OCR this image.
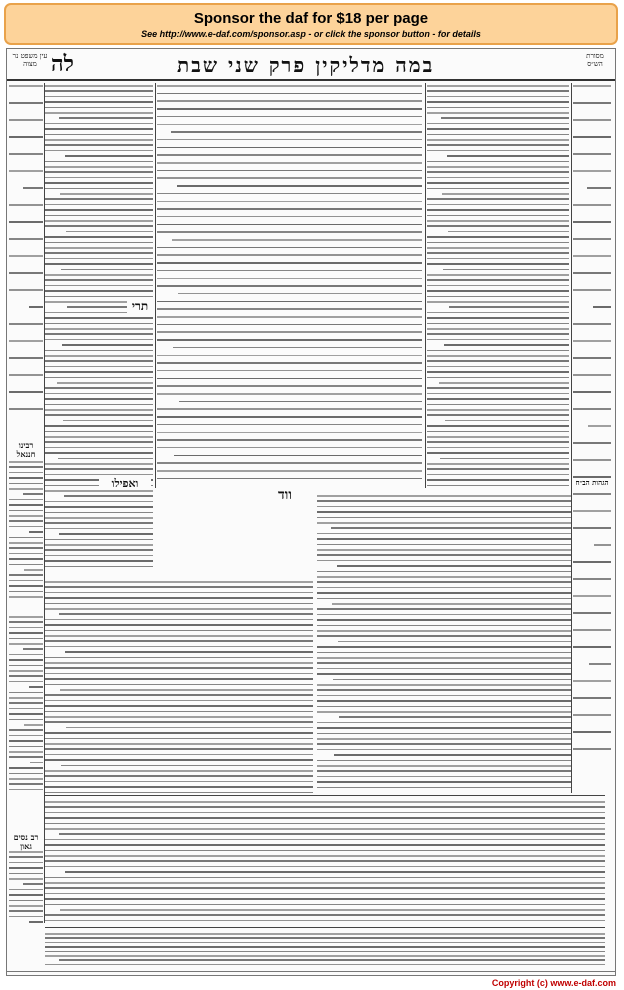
Sponsor the daf for $18 per page
See http://www.e-daf.com/sponsor.asp - or click the sponsor button - for details
במה מדליקין פרק שני שבת
לה
עין משפט נר מצוה
מסורת הש״ס
רבינו חננאל
רב נסים גאון
הגהות הב״ח
תרי
ואפילו
ווד
Copyright (c) www.e-daf.com
